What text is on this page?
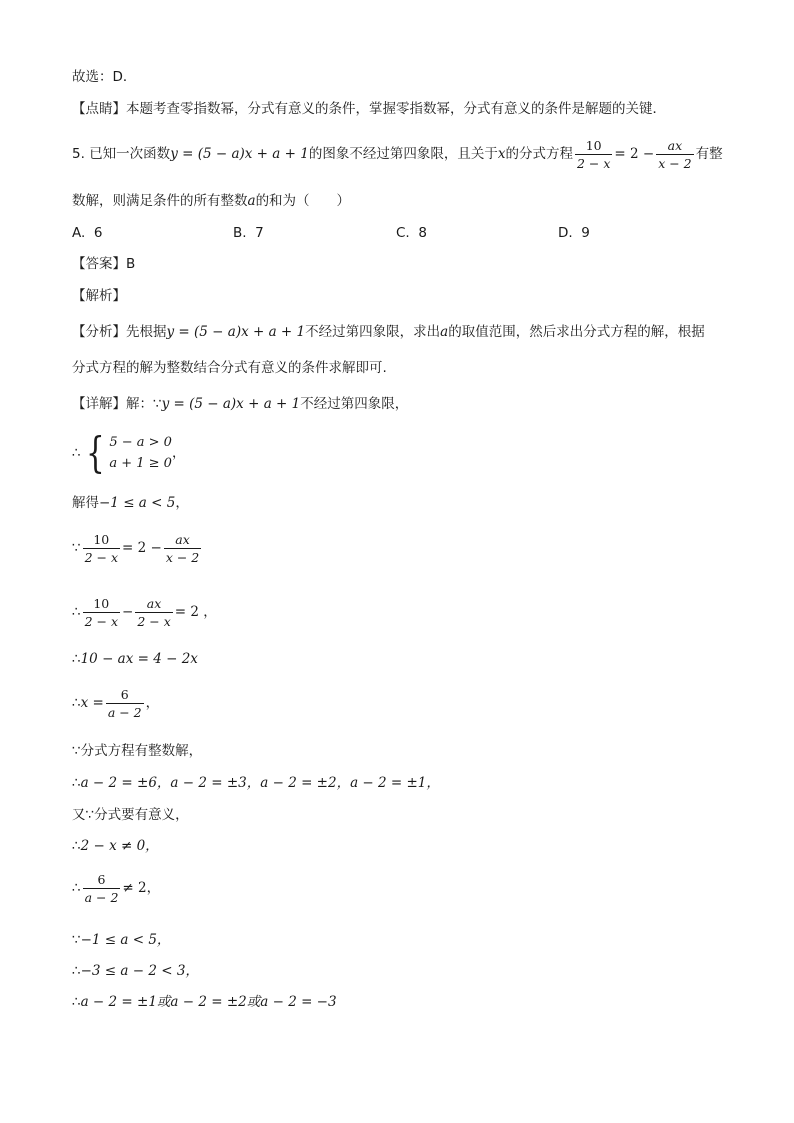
故选：D．
【点睛】本题考查零指数幂，分式有意义的条件，掌握零指数幂，分式有意义的条件是解题的关键．
5. 已知一次函数y = (5 − a)x + a + 1的图象不经过第四象限，且关于x的分式方程 $\frac{10}{2 - x} = 2 - \frac{ax}{x - 2}$ 有整
数解，则满足条件的所有整数a的和为（　　）
A. 6	B. 7	C. 8	D. 9
【答案】B
【解析】
【分析】先根据y = (5 − a)x + a + 1不经过第四象限，求出a的取值范围，然后求出分式方程的解，根据
分式方程的解为整数结合分式有意义的条件求解即可.
【详解】解：∵y = (5 − a)x + a + 1不经过第四象限，
∴ { 5 − a > 0
a + 1 ≥ 0
，
解得−1 ≤ a < 5，
∵ $\frac{10}{2 - x} = 2 - \frac{ax}{x - 2}$
∴ $\frac{10}{2 - x} - \frac{ax}{2 - x} = 2$ ，
∴10 − ax = 4 − 2x
∴x = $\frac{6}{a - 2}$ ，
∵分式方程有整数解，
∴a − 2 = ±6，a − 2 = ±3，a − 2 = ±2，a − 2 = ±1，
又∵分式要有意义，
∴2 − x ≠ 0，
∴ $\frac{6}{a - 2} \ne 2$，
∵−1 ≤ a < 5，
∴−3 ≤ a − 2 < 3，
∴a − 2 = ±1或a − 2 = ±2或a − 2 = −3
